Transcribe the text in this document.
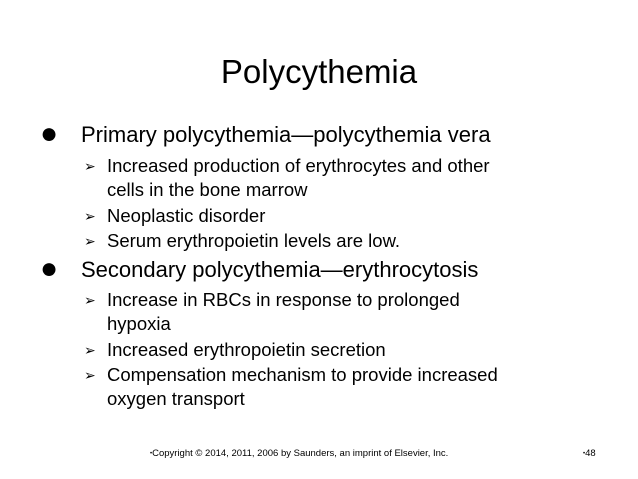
Polycythemia
● Primary polycythemia—polycythemia vera
➢ Increased production of erythrocytes and other
cells in the bone marrow
➢ Neoplastic disorder
➢ Serum erythropoietin levels are low.
● Secondary polycythemia—erythrocytosis
➢ Increase in RBCs in response to prolonged
hypoxia
➢ Increased erythropoietin secretion
➢ Compensation mechanism to provide increased
oxygen transport
•Copyright © 2014, 2011, 2006 by Saunders, an imprint of Elsevier, Inc.	•48
